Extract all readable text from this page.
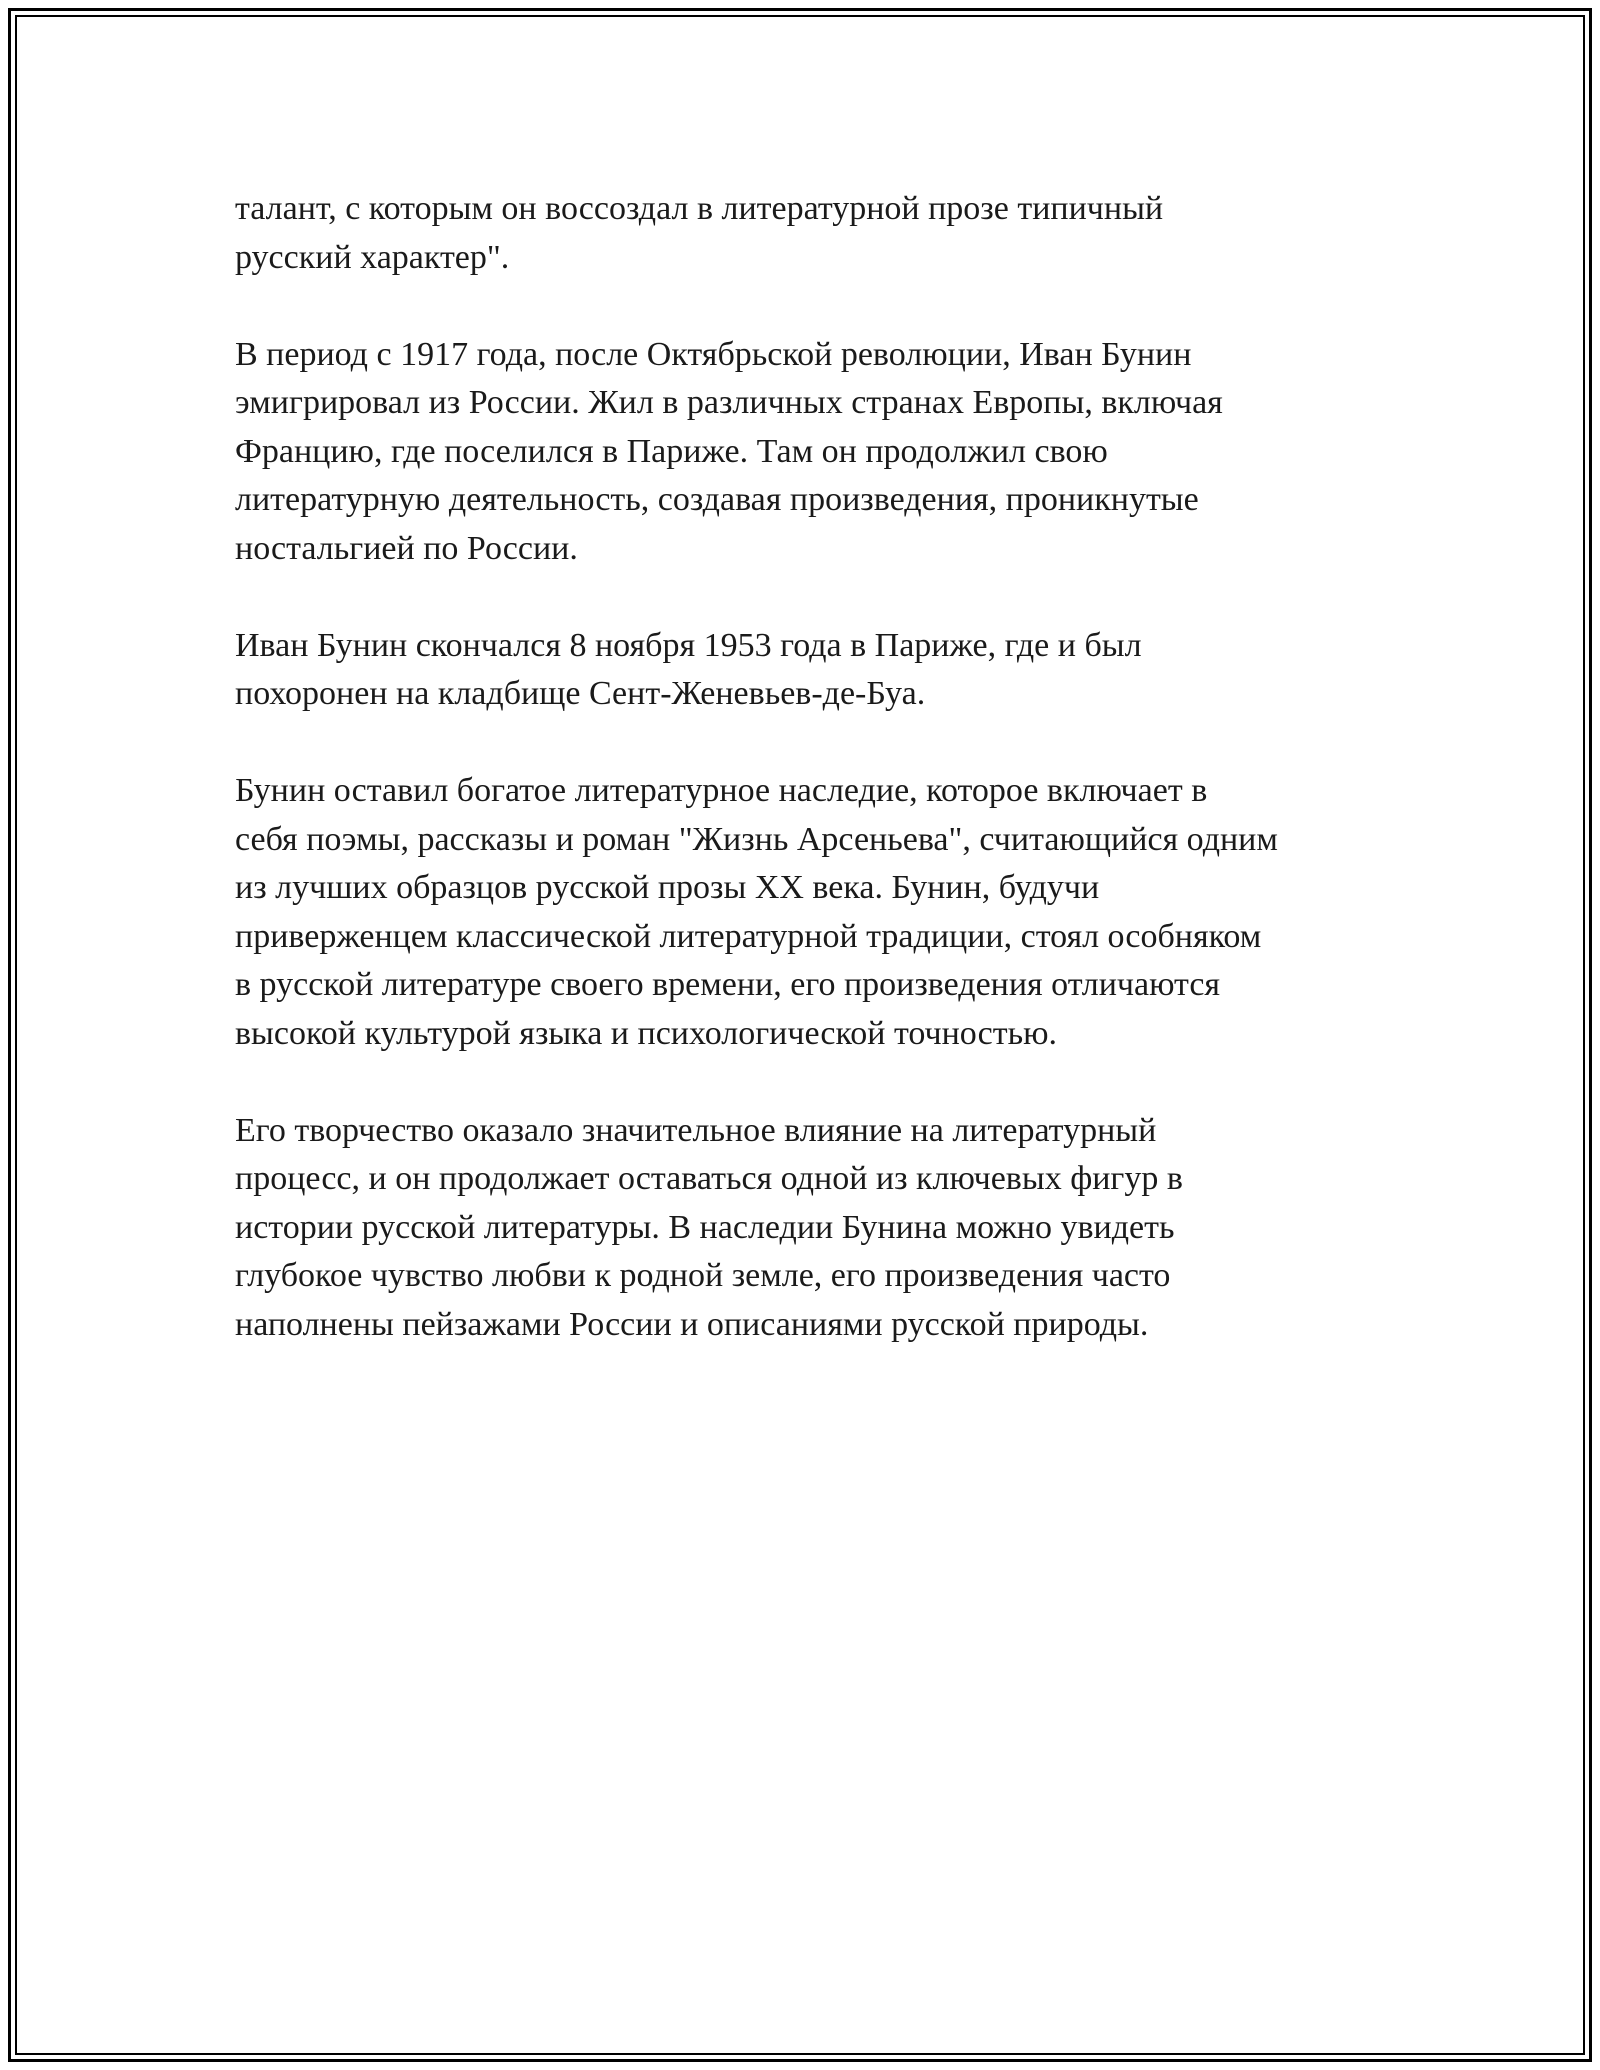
талант, с которым он воссоздал в литературной прозе типичный
русский характер".

В период с 1917 года, после Октябрьской революции, Иван Бунин
эмигрировал из России. Жил в различных странах Европы, включая
Францию, где поселился в Париже. Там он продолжил свою
литературную деятельность, создавая произведения, проникнутые
ностальгией по России.

Иван Бунин скончался 8 ноября 1953 года в Париже, где и был
похоронен на кладбище Сент-Женевьев-де-Буа.

Бунин оставил богатое литературное наследие, которое включает в
себя поэмы, рассказы и роман "Жизнь Арсеньева", считающийся одним
из лучших образцов русской прозы XX века. Бунин, будучи
приверженцем классической литературной традиции, стоял особняком
в русской литературе своего времени, его произведения отличаются
высокой культурой языка и психологической точностью.

Его творчество оказало значительное влияние на литературный
процесс, и он продолжает оставаться одной из ключевых фигур в
истории русской литературы. В наследии Бунина можно увидеть
глубокое чувство любви к родной земле, его произведения часто
наполнены пейзажами России и описаниями русской природы.
